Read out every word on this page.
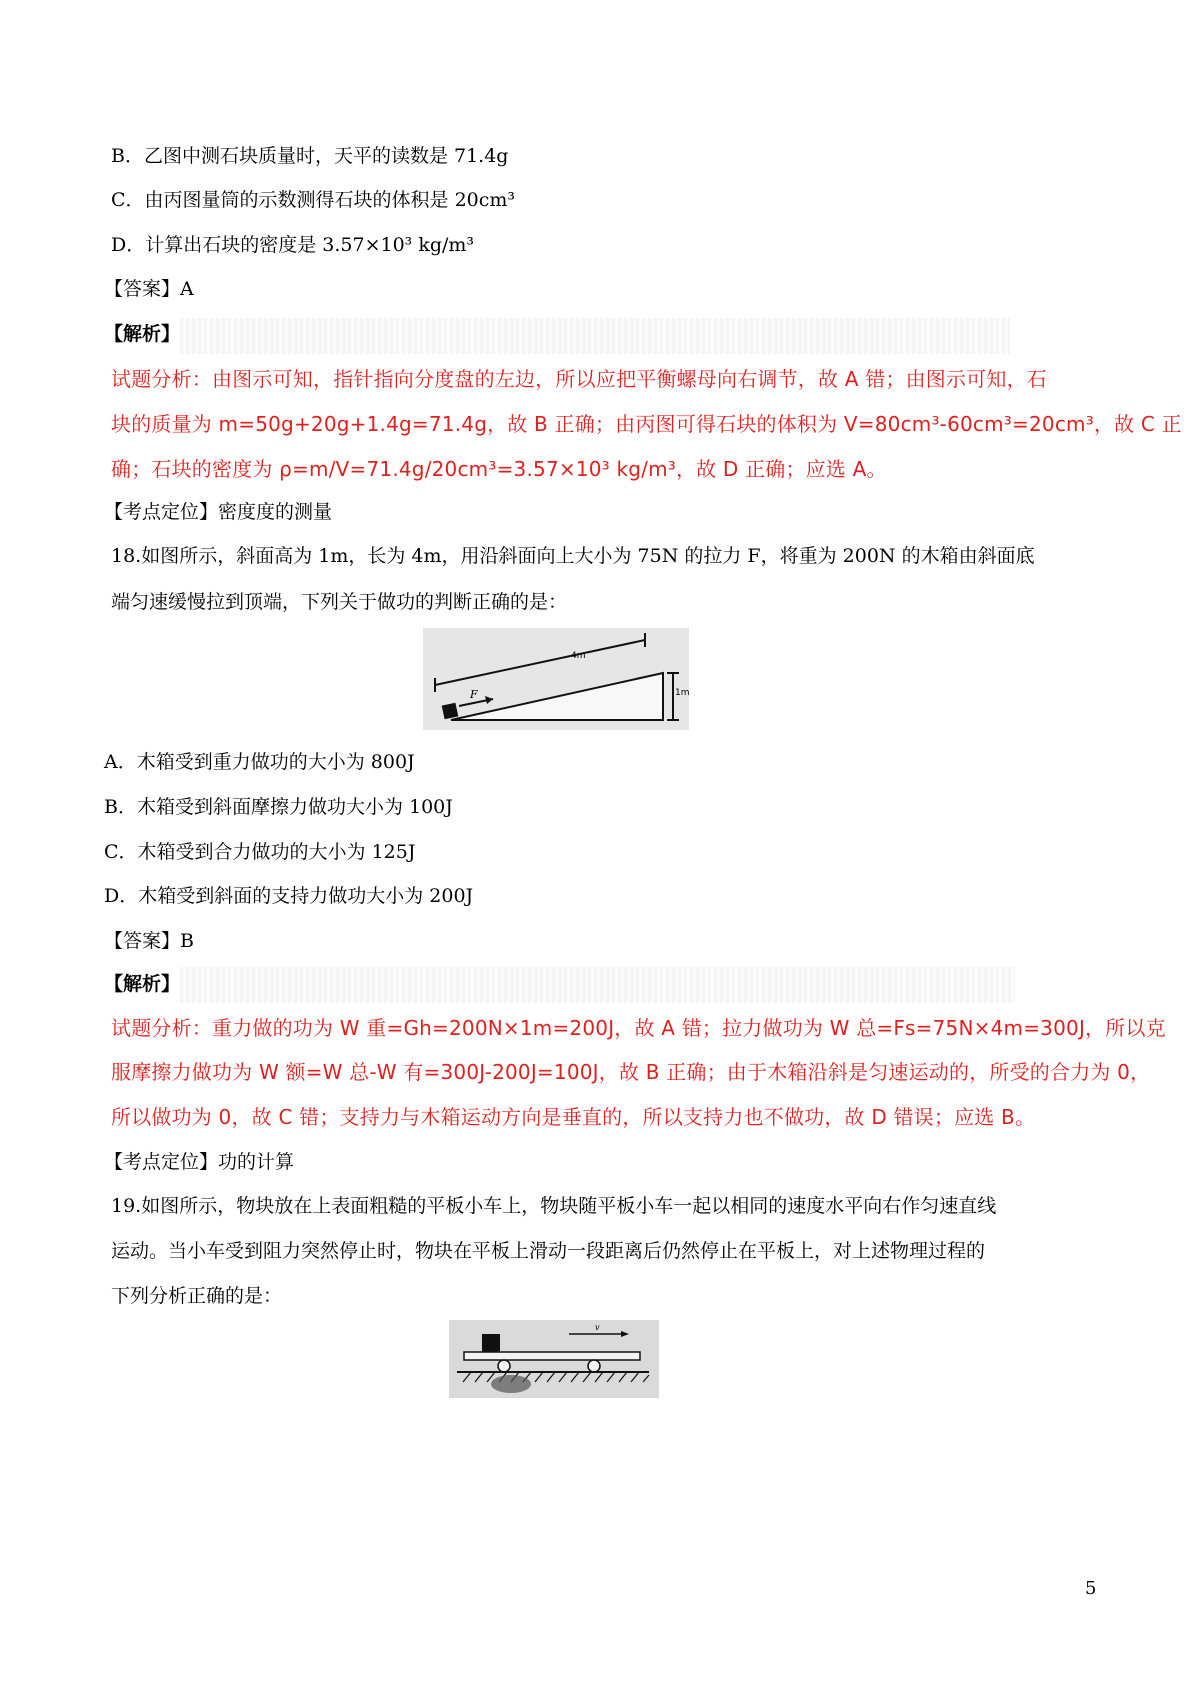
B．乙图中测石块质量时，天平的读数是 71.4g
C．由丙图量筒的示数测得石块的体积是 20cm³
D．计算出石块的密度是 3.57×10³ kg/m³
【答案】A
【解析】
试题分析：由图示可知，指针指向分度盘的左边，所以应把平衡螺母向右调节，故 A 错；由图示可知，石
块的质量为 m=50g+20g+1.4g=71.4g，故 B 正确；由丙图可得石块的体积为 V=80cm³-60cm³=20cm³，故 C 正
确；石块的密度为 ρ=m/V=71.4g/20cm³=3.57×10³ kg/m³，故 D 正确；应选 A。
【考点定位】密度度的测量
18.如图所示，斜面高为 1m，长为 4m，用沿斜面向上大小为 75N 的拉力 F，将重为 200N 的木箱由斜面底
端匀速缓慢拉到顶端，下列关于做功的判断正确的是：
4m
F	1m
A．木箱受到重力做功的大小为 800J
B．木箱受到斜面摩擦力做功大小为 100J
C．木箱受到合力做功的大小为 125J
D．木箱受到斜面的支持力做功大小为 200J
【答案】B
【解析】
试题分析：重力做的功为 W 重=Gh=200N×1m=200J，故 A 错；拉力做功为 W 总=Fs=75N×4m=300J，所以克
服摩擦力做功为 W 额=W 总-W 有=300J-200J=100J，故 B 正确；由于木箱沿斜是匀速运动的，所受的合力为 0，
所以做功为 0，故 C 错；支持力与木箱运动方向是垂直的，所以支持力也不做功，故 D 错误；应选 B。
【考点定位】功的计算
19.如图所示，物块放在上表面粗糙的平板小车上，物块随平板小车一起以相同的速度水平向右作匀速直线
运动。当小车受到阻力突然停止时，物块在平板上滑动一段距离后仍然停止在平板上，对上述物理过程的
下列分析正确的是：
v
5
